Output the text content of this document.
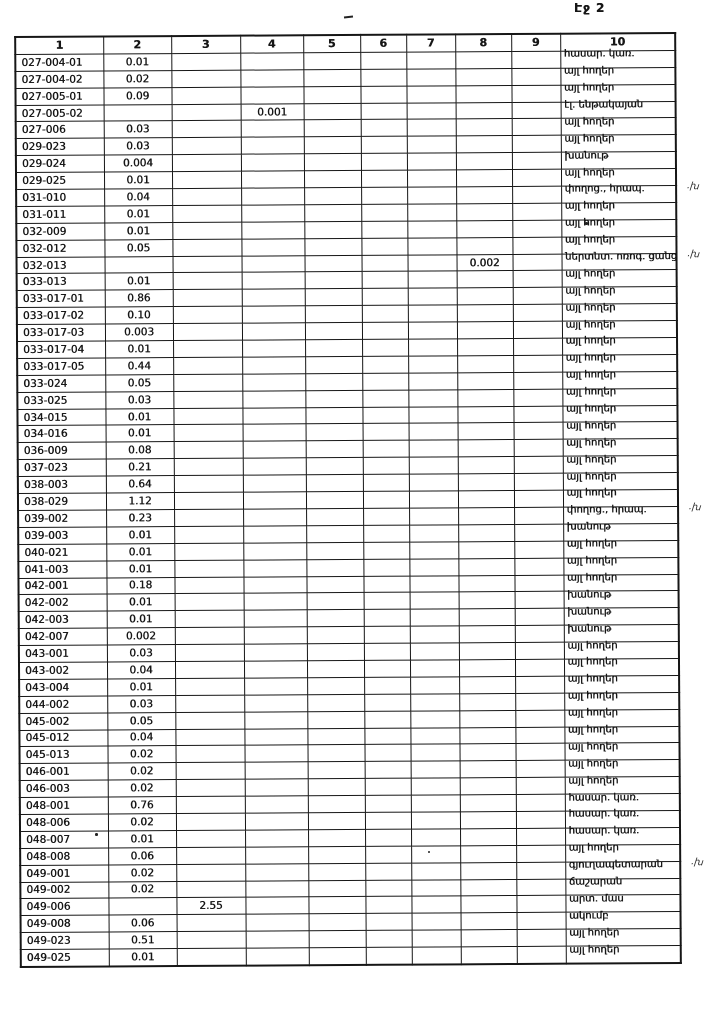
Էջ 2
1	2	3	4	5	6	7	8	9	10
027-004-01	0.01								հասար. կառ.
027-004-02	0.02								այլ հողեր
027-005-01	0.09								այլ հողեր
027-005-02			0.001						էլ. ենթակայան
027-006	0.03								այլ հողեր
029-023	0.03								այլ հողեր
029-024	0.004								խանութ
029-025	0.01								այլ հողեր
031-010	0.04								փողոց., հրապ. .խ

031-011	0.01								այլ հողեր
032-009	0.01								այլ հողեր
032-012	0.05								այլ հողեր
032-013							0.002		ներտնտ. ոռոգ. ցանց .խ

033-013	0.01								այլ հողեր
033-017-01	0.86								այլ հողեր
033-017-02	0.10								այլ հողեր
033-017-03	0.003								այլ հողեր
033-017-04	0.01								այլ հողեր
033-017-05	0.44								այլ հողեր
033-024	0.05								այլ հողեր
033-025	0.03								այլ հողեր
034-015	0.01								այլ հողեր
034-016	0.01								այլ հողեր
036-009	0.08								այլ հողեր
037-023	0.21								այլ հողեր
038-003	0.64								այլ հողեր
038-029	1.12								այլ հողեր
039-002	0.23								փողոց., հրապ. .խ

039-003	0.01								խանութ
040-021	0.01								այլ հողեր
041-003	0.01								այլ հողեր
042-001	0.18								այլ հողեր
042-002	0.01								խանութ
042-003	0.01								խանութ
042-007	0.002								խանութ
043-001	0.03								այլ հողեր
043-002	0.04								այլ հողեր
043-004	0.01								այլ հողեր
044-002	0.03								այլ հողեր
045-002	0.05								այլ հողեր
045-012	0.04								այլ հողեր
045-013	0.02								այլ հողեր
046-001	0.02								այլ հողեր
046-003	0.02								այլ հողեր
048-001	0.76								հասար. կառ.
048-006	0.02								հասար. կառ.
048-007	0.01								հասար. կառ.
048-008	0.06								այլ հողեր
049-001	0.02								գյուղապետարան .խ

049-002	0.02								ճաշարան
049-006		2.55							արտ. մաս
049-008	0.06								ակումբ
049-023	0.51								այլ հողեր
049-025	0.01								այլ հողեր
